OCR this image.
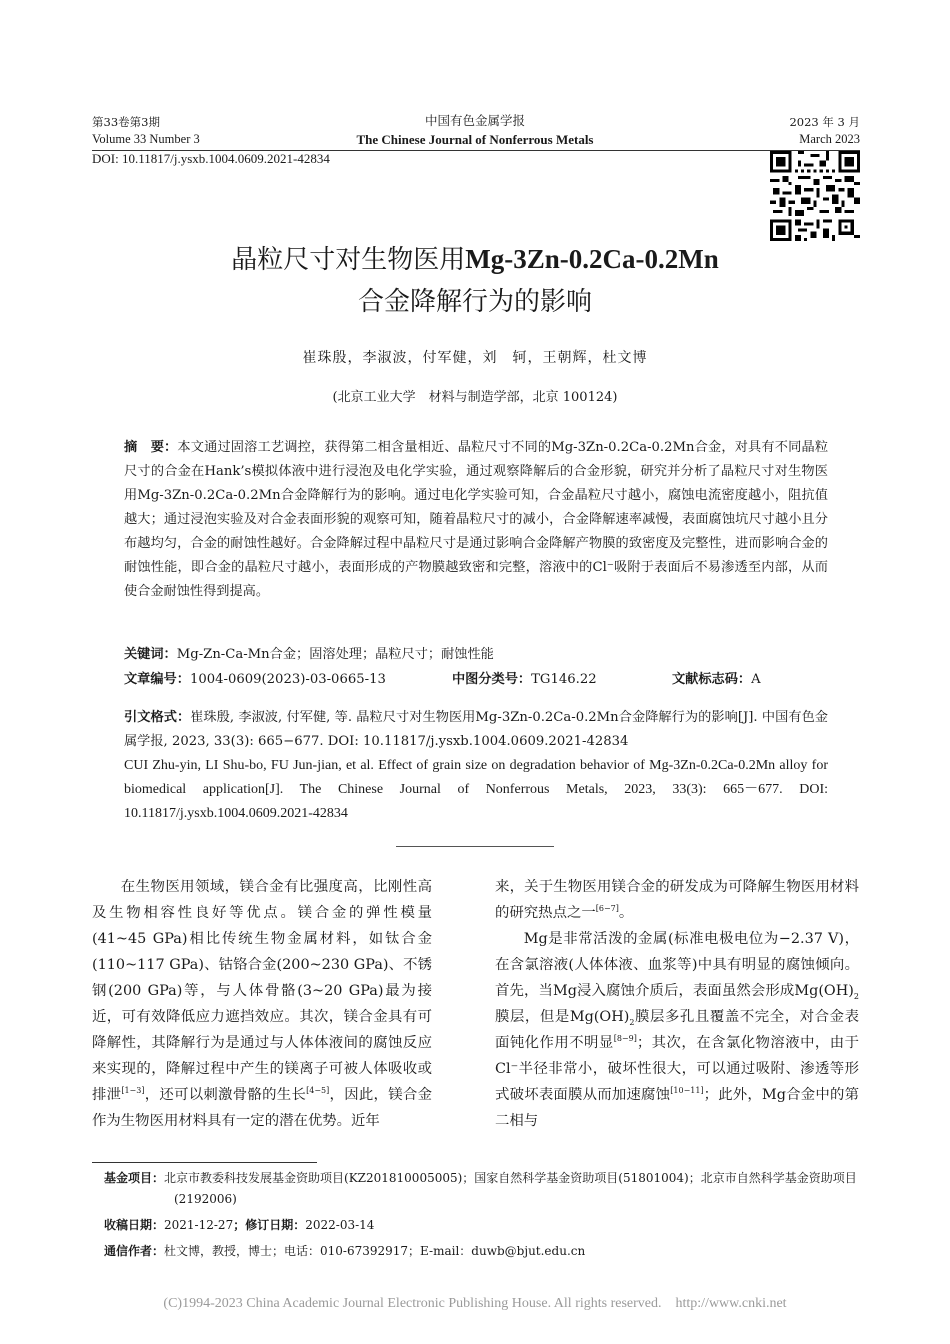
第33卷第3期
Volume 33 Number 3
中国有色金属学报
The Chinese Journal of Nonferrous Metals
2023 年 3 月
March 2023
DOI: 10.11817/j.ysxb.1004.0609.2021-42834
晶粒尺寸对生物医用Mg-3Zn-0.2Ca-0.2Mn
合金降解行为的影响
崔珠殷，李淑波，付军健，刘　轲，王朝辉，杜文博
(北京工业大学　材料与制造学部，北京 100124)
摘　要：本文通过固溶工艺调控，获得第二相含量相近、晶粒尺寸不同的Mg-3Zn-0.2Ca-0.2Mn合金，对具有不同晶粒尺寸的合金在Hank’s模拟体液中进行浸泡及电化学实验，通过观察降解后的合金形貌，研究并分析了晶粒尺寸对生物医用Mg-3Zn-0.2Ca-0.2Mn合金降解行为的影响。通过电化学实验可知，合金晶粒尺寸越小，腐蚀电流密度越小，阻抗值越大；通过浸泡实验及对合金表面形貌的观察可知，随着晶粒尺寸的减小，合金降解速率减慢，表面腐蚀坑尺寸越小且分布越均匀，合金的耐蚀性越好。合金降解过程中晶粒尺寸是通过影响合金降解产物膜的致密度及完整性，进而影响合金的耐蚀性能，即合金的晶粒尺寸越小，表面形成的产物膜越致密和完整，溶液中的Cl⁻吸附于表面后不易渗透至内部，从而使合金耐蚀性得到提高。
关键词：Mg-Zn-Ca-Mn合金；固溶处理；晶粒尺寸；耐蚀性能
文章编号：1004-0609(2023)-03-0665-13	中图分类号：TG146.22	文献标志码：A
引文格式：崔珠殷, 李淑波, 付军健, 等. 晶粒尺寸对生物医用Mg-3Zn-0.2Ca-0.2Mn合金降解行为的影响[J]. 中国有色金属学报, 2023, 33(3): 665−677. DOI: 10.11817/j.ysxb.1004.0609.2021-42834
CUI Zhu-yin, LI Shu-bo, FU Jun-jian, et al. Effect of grain size on degradation behavior of Mg-3Zn-0.2Ca-0.2Mn alloy for biomedical application[J]. The Chinese Journal of Nonferrous Metals, 2023, 33(3): 665－677. DOI: 10.11817/j.ysxb.1004.0609.2021-42834

在生物医用领域，镁合金有比强度高，比刚性高及生物相容性良好等优点。镁合金的弹性模量(41~45 GPa)相比传统生物金属材料，如钛合金(110~117 GPa)、钴铬合金(200~230 GPa)、不锈钢(200 GPa)等，与人体骨骼(3~20 GPa)最为接近，可有效降低应力遮挡效应。其次，镁合金具有可降解性，其降解行为是通过与人体体液间的腐蚀反应来实现的，降解过程中产生的镁离子可被人体吸收或排泄[1−3]，还可以刺激骨骼的生长[4−5]，因此，镁合金作为生物医用材料具有一定的潜在优势。近年

来，关于生物医用镁合金的研发成为可降解生物医用材料的研究热点之一[6−7]。

Mg是非常活泼的金属(标准电极电位为−2.37 V)，在含氯溶液(人体体液、血浆等)中具有明显的腐蚀倾向。首先，当Mg浸入腐蚀介质后，表面虽然会形成$Mg(OH)_2$膜层，但是$Mg(OH)_2$膜层多孔且覆盖不完全，对合金表面钝化作用不明显[8−9]；其次，在含氯化物溶液中，由于Cl⁻半径非常小，破坏性很大，可以通过吸附、渗透等形式破坏表面膜从而加速腐蚀[10−11]；此外，Mg合金中的第二相与

基金项目：北京市教委科技发展基金资助项目(KZ201810005005)；国家自然科学基金资助项目(51801004)；北京市自然科学基金资助项目(2192006)
收稿日期：2021-12-27；修订日期：2022-03-14
通信作者：杜文博，教授，博士；电话：010-67392917；E-mail：duwb@bjut.edu.cn
(C)1994-2023 China Academic Journal Electronic Publishing House. All rights reserved.    http://www.cnki.net
